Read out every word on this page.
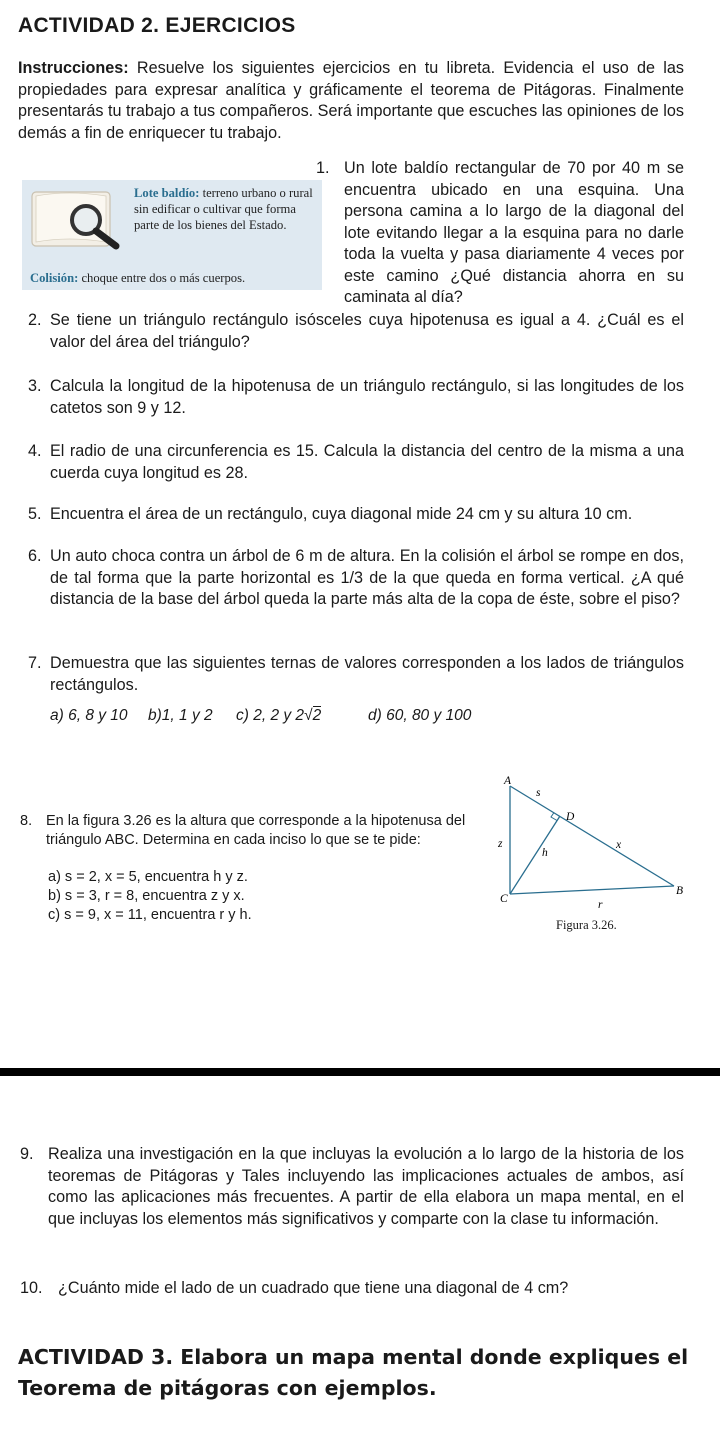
ACTIVIDAD 2. EJERCICIOS
Instrucciones: Resuelve los siguientes ejercicios en tu libreta. Evidencia el uso de las propiedades para expresar analítica y gráficamente el teorema de Pitágoras. Finalmente presentarás tu trabajo a tus compañeros. Será importante que escuches las opiniones de los demás a fin de enriquecer tu trabajo.
Lote baldío: terreno urbano o rural sin edificar o cultivar que forma parte de los bienes del Estado.
Colisión: choque entre dos o más cuerpos.
1. Un lote baldío rectangular de 70 por 40 m se encuentra ubicado en una esquina. Una persona camina a lo largo de la diagonal del lote evitando llegar a la esquina para no darle toda la vuelta y pasa diariamente 4 veces por este camino ¿Qué distancia ahorra en su caminata al día?
2. Se tiene un triángulo rectángulo isósceles cuya hipotenusa es igual a 4. ¿Cuál es el valor del área del triángulo?
3. Calcula la longitud de la hipotenusa de un triángulo rectángulo, si las longitudes de los catetos son 9 y 12.
4. El radio de una circunferencia es 15. Calcula la distancia del centro de la misma a una cuerda cuya longitud es 28.
5. Encuentra el área de un rectángulo, cuya diagonal mide 24 cm y su altura 10 cm.
6. Un auto choca contra un árbol de 6 m de altura. En la colisión el árbol se rompe en dos, de tal forma que la parte horizontal es 1/3 de la que queda en forma vertical. ¿A qué distancia de la base del árbol queda la parte más alta de la copa de éste, sobre el piso?
7. Demuestra que las siguientes ternas de valores corresponden a los lados de triángulos rectángulos.
a) 6, 8 y 10 b)1, 1 y 2 c) 2, 2 y 2√2	d) 60, 80 y 100
8. En la figura 3.26 es la altura que corresponde a la hipotenusa del triángulo ABC. Determina en cada inciso lo que se te pide:
a) s = 2, x = 5, encuentra h y z.
b) s = 3, r = 8, encuentra z y x.
c) s = 9, x = 11, encuentra r y h.
A
s
D
z
h
x
C	r
B
Figura 3.26.
9. Realiza una investigación en la que incluyas la evolución a lo largo de la historia de los teoremas de Pitágoras y Tales incluyendo las implicaciones actuales de ambos, así como las aplicaciones más frecuentes. A partir de ella elabora un mapa mental, en el que incluyas los elementos más significativos y comparte con la clase tu información.
10. ¿Cuánto mide el lado de un cuadrado que tiene una diagonal de 4 cm?
ACTIVIDAD 3. Elabora un mapa mental donde expliques el Teorema de pitágoras con ejemplos.
